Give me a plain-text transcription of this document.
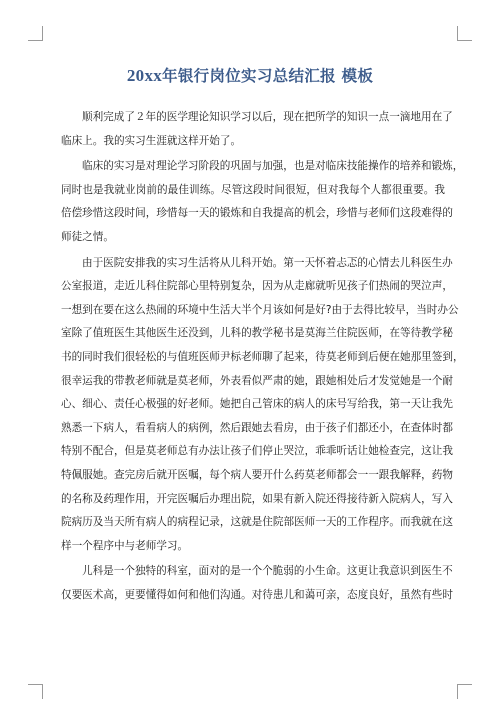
20xx年银行岗位实习总结汇报 模板
顺利完成了２年的医学理论知识学习以后，现在把所学的知识一点一滴地用在了
临床上。我的实习生涯就这样开始了。
临床的实习是对理论学习阶段的巩固与加强，也是对临床技能操作的培养和锻炼，
同时也是我就业岗前的最佳训练。尽管这段时间很短，但对我每个人都很重要。我
倍偿珍惜这段时间，珍惜每一天的锻炼和自我提高的机会，珍惜与老师们这段难得的
师徒之情。
由于医院安排我的实习生活将从儿科开始。第一天怀着忐忑的心情去儿科医生办
公室报道，走近儿科住院部心里特别复杂，因为从走廊就听见孩子们热闹的哭泣声，
一想到在要在这么热闹的环境中生活大半个月该如何是好?由于去得比较早，当时办公
室除了值班医生其他医生还没到，儿科的教学秘书是莫海兰住院医师，在等待教学秘
书的同时我们很轻松的与值班医师尹标老师聊了起来，待莫老师到后便在她那里签到，
很幸运我的带教老师就是莫老师，外表看似严肃的她，跟她相处后才发觉她是一个耐
心、细心、责任心极强的好老师。她把自己管床的病人的床号写给我，第一天让我先
熟悉一下病人，看看病人的病例，然后跟她去看房，由于孩子们都还小，在查体时都
特别不配合，但是莫老师总有办法让孩子们停止哭泣，乖乖听话让她检查完，这让我
特佩服她。查完房后就开医嘱，每个病人要开什么药莫老师都会一一跟我解释，药物
的名称及药理作用，开完医嘱后办理出院，如果有新入院还得接待新入院病人，写入
院病历及当天所有病人的病程记录，这就是住院部医师一天的工作程序。而我就在这
样一个程序中与老师学习。
儿科是一个独特的科室，面对的是一个个脆弱的小生命。这更让我意识到医生不
仅要医术高，更要懂得如何和他们沟通。对待患儿和蔼可亲，态度良好，虽然有些时
